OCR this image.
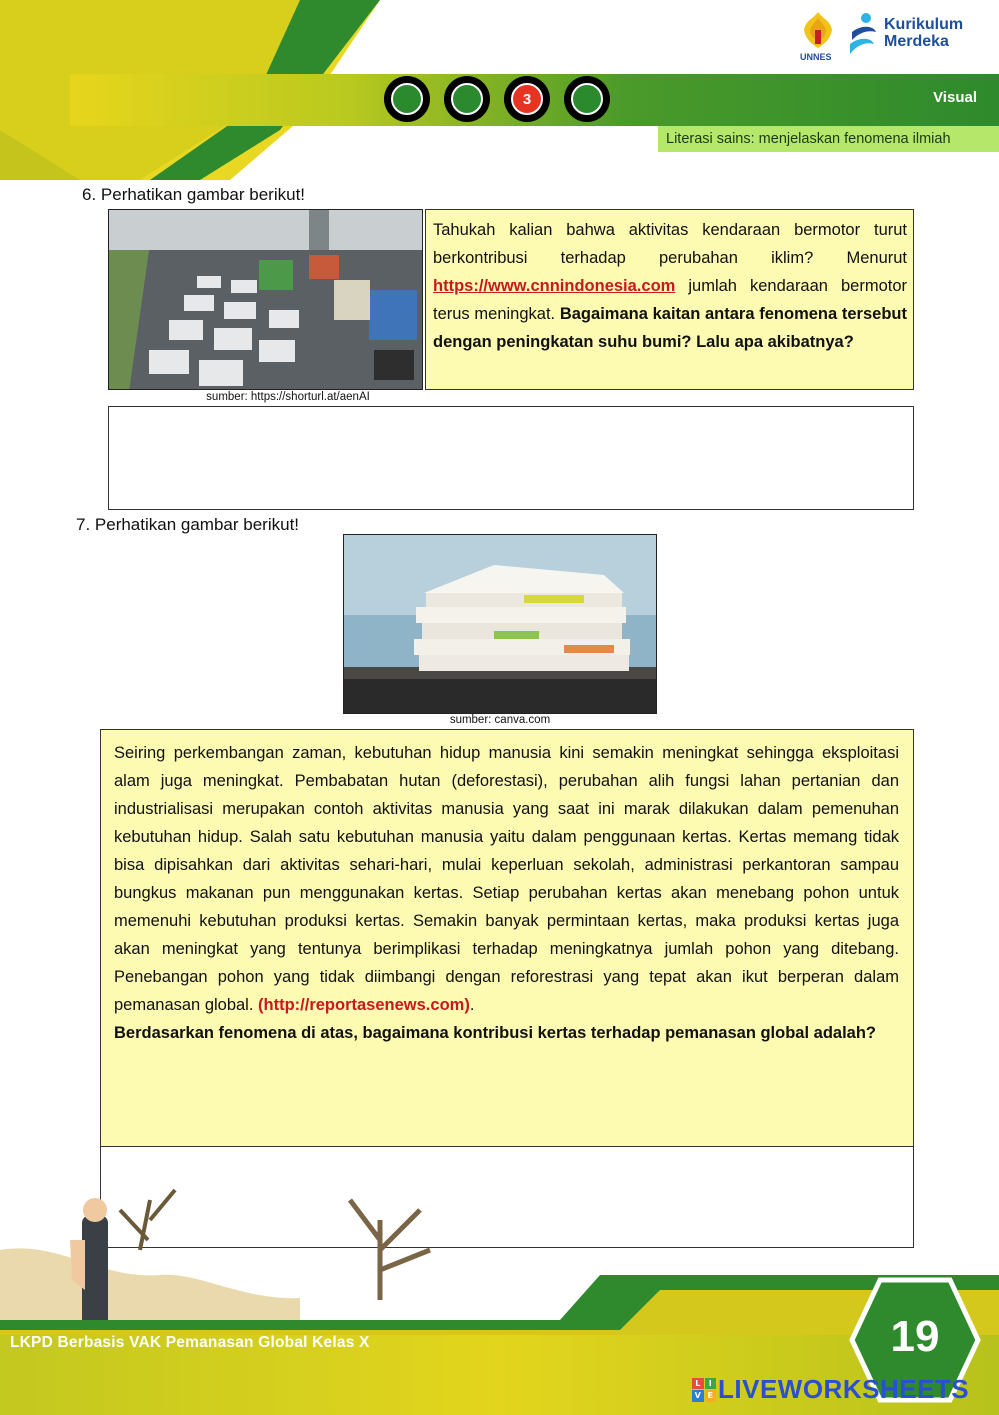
3	Visual
Literasi sains: menjelaskan fenomena ilmiah
UNNES
Kurikulum
Merdeka
6. Perhatikan gambar berikut!
sumber: https://shorturl.at/aenAI
Tahukah kalian bahwa aktivitas kendaraan bermotor turut berkontribusi terhadap perubahan iklim? Menurut https://www.cnnindonesia.com jumlah kendaraan bermotor terus meningkat. Bagaimana kaitan antara fenomena tersebut dengan peningkatan suhu bumi? Lalu apa akibatnya?
7. Perhatikan gambar berikut!
sumber: canva.com
Seiring perkembangan zaman, kebutuhan hidup manusia kini semakin meningkat sehingga eksploitasi alam juga meningkat. Pembabatan hutan (deforestasi), perubahan alih fungsi lahan pertanian dan industrialisasi merupakan contoh aktivitas manusia yang saat ini marak dilakukan dalam pemenuhan kebutuhan hidup. Salah satu kebutuhan manusia yaitu dalam penggunaan kertas. Kertas memang tidak bisa dipisahkan dari aktivitas sehari-hari, mulai keperluan sekolah, administrasi perkantoran sampau bungkus makanan pun menggunakan kertas. Setiap perubahan kertas akan menebang pohon untuk memenuhi kebutuhan produksi kertas. Semakin banyak permintaan kertas, maka produksi kertas juga akan meningkat yang tentunya berimplikasi terhadap meningkatnya jumlah pohon yang ditebang. Penebangan pohon yang tidak diimbangi dengan reforestrasi yang tepat akan ikut berperan dalam pemanasan global. (http://reportasenews.com).
Berdasarkan fenomena di atas, bagaimana kontribusi kertas terhadap pemanasan global adalah?
LKPD Berbasis VAK Pemanasan Global Kelas X	19
L	I
V E LIVEWORKSHEETS
